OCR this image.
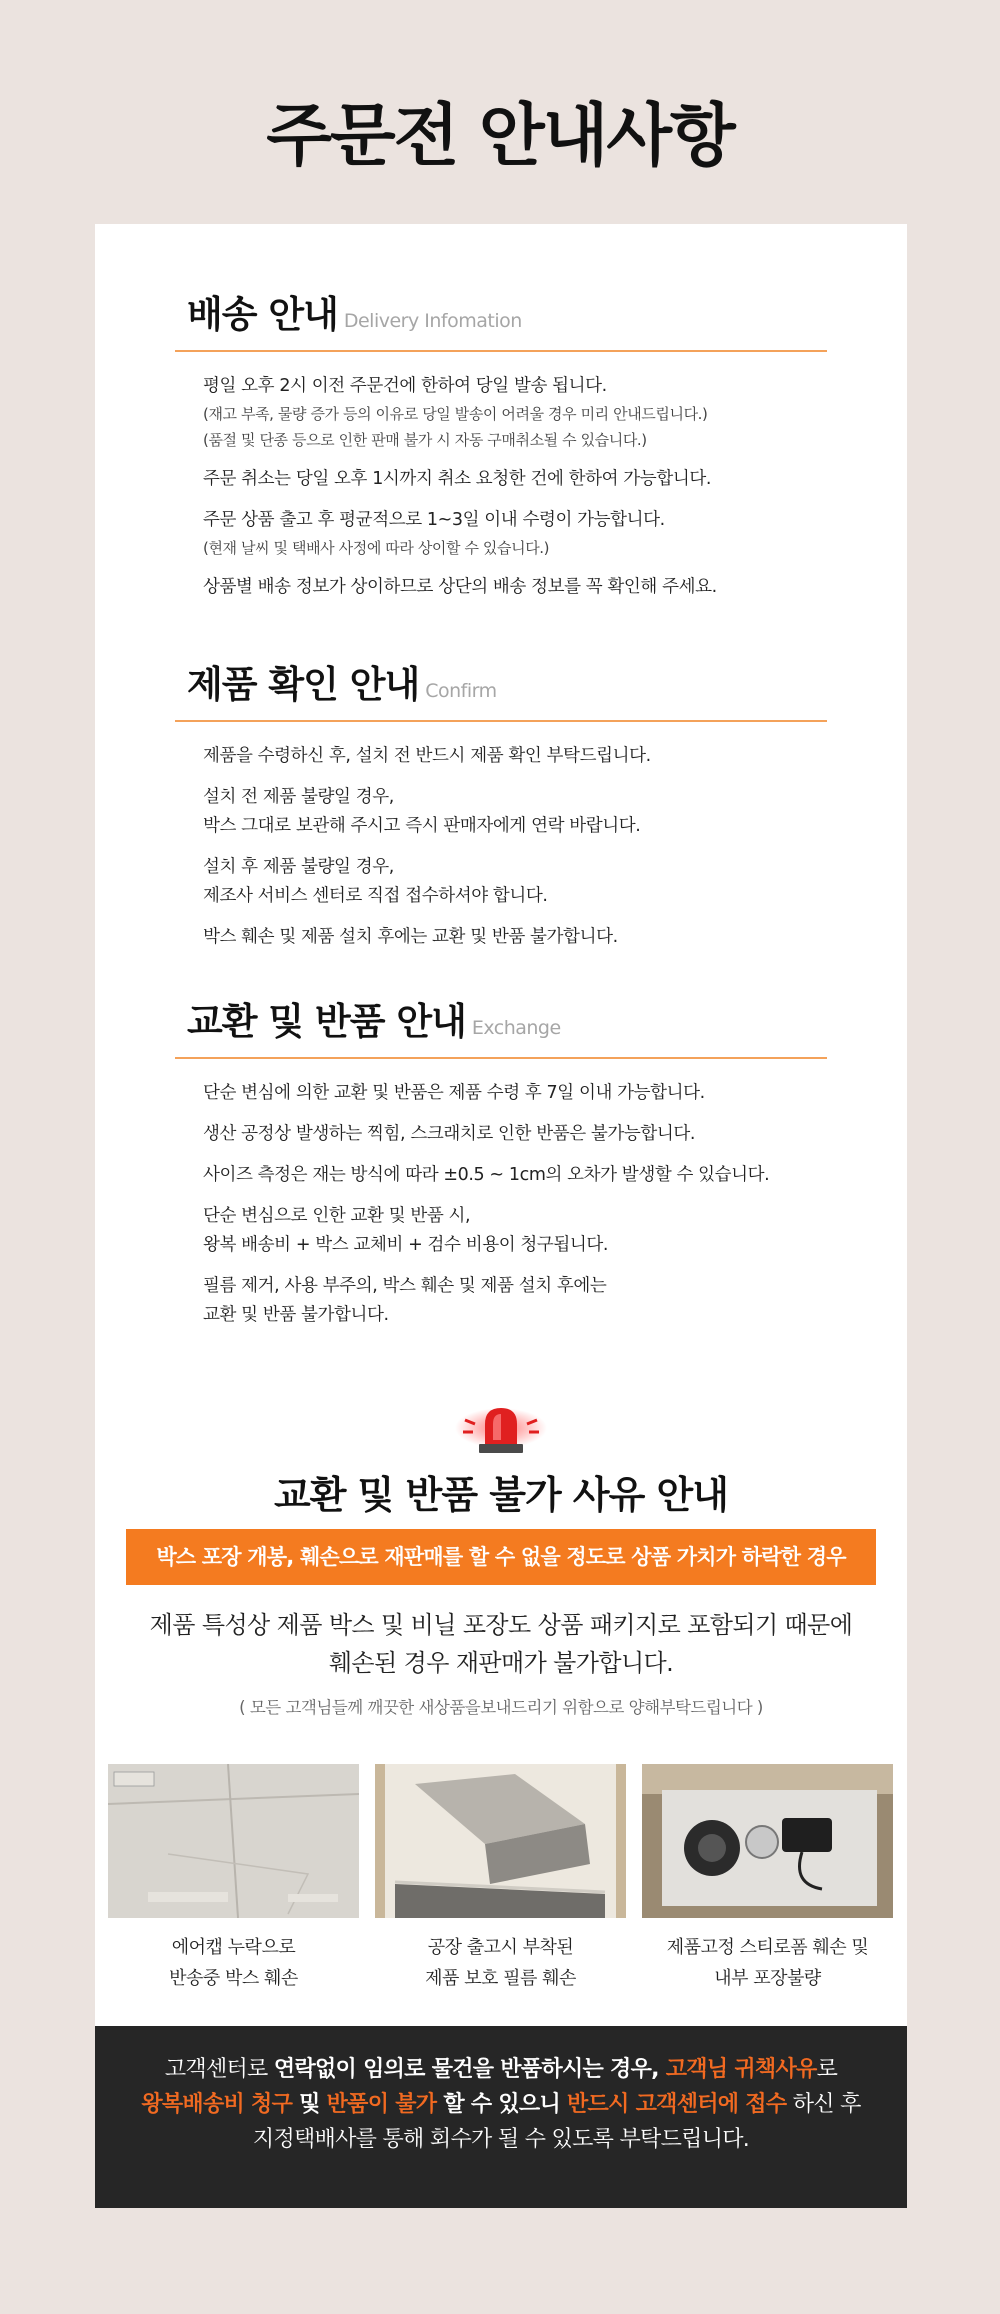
주문전 안내사항
배송 안내 Delivery Infomation
평일 오후 2시 이전 주문건에 한하여 당일 발송 됩니다.
(재고 부족, 물량 증가 등의 이유로 당일 발송이 어려울 경우 미리 안내드립니다.)
(품절 및 단종 등으로 인한 판매 불가 시 자동 구매취소될 수 있습니다.)
주문 취소는 당일 오후 1시까지 취소 요청한 건에 한하여 가능합니다.
주문 상품 출고 후 평균적으로 1~3일 이내 수령이 가능합니다.
(현재 날씨 및 택배사 사정에 따라 상이할 수 있습니다.)
상품별 배송 정보가 상이하므로 상단의 배송 정보를 꼭 확인해 주세요.
제품 확인 안내 Confirm
제품을 수령하신 후, 설치 전 반드시 제품 확인 부탁드립니다.
설치 전 제품 불량일 경우,
박스 그대로 보관해 주시고 즉시 판매자에게 연락 바랍니다.
설치 후 제품 불량일 경우,
제조사 서비스 센터로 직접 접수하셔야 합니다.
박스 훼손 및 제품 설치 후에는 교환 및 반품 불가합니다.
교환 및 반품 안내 Exchange
단순 변심에 의한 교환 및 반품은 제품 수령 후 7일 이내 가능합니다.
생산 공정상 발생하는 찍힘, 스크래치로 인한 반품은 불가능합니다.
사이즈 측정은 재는 방식에 따라 ±0.5 ~ 1cm의 오차가 발생할 수 있습니다.
단순 변심으로 인한 교환 및 반품 시,
왕복 배송비 + 박스 교체비 + 검수 비용이 청구됩니다.
필름 제거, 사용 부주의, 박스 훼손 및 제품 설치 후에는
교환 및 반품 불가합니다.
교환 및 반품 불가 사유 안내
박스 포장 개봉, 훼손으로 재판매를 할 수 없을 정도로 상품 가치가 하락한 경우
제품 특성상 제품 박스 및 비닐 포장도 상품 패키지로 포함되기 때문에
훼손된 경우 재판매가 불가합니다.
( 모든 고객님들께 깨끗한 새상품을보내드리기 위함으로 양해부탁드립니다 )
에어캡 누락으로
반송중 박스 훼손
공장 출고시 부착된
제품 보호 필름 훼손
제품고정 스티로폼 훼손 및
내부 포장불량
고객센터로 연락없이 임의로 물건을 반품하시는 경우, 고객님 귀책사유로
왕복배송비 청구 및 반품이 불가 할 수 있으니 반드시 고객센터에 접수 하신 후
지정택배사를 통해 회수가 될 수 있도록 부탁드립니다.
